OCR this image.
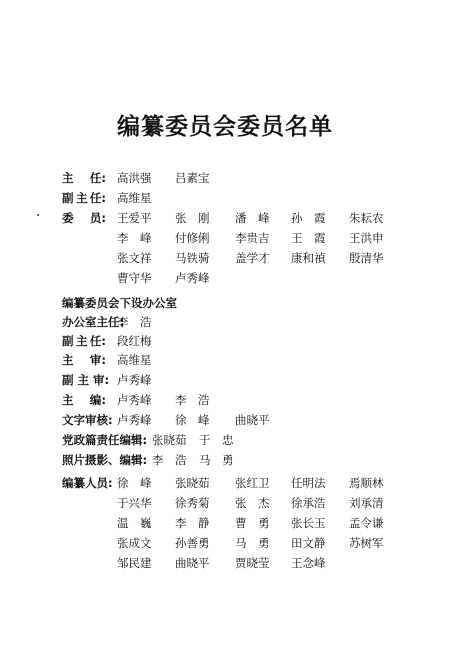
编纂委员会委员名单
主 任: 高洪强 吕素宝
副 主 任: 高维星
委 员: 王爱平 张　刚 潘　峰 孙　霞 朱耘农
李　峰 付修俐 李贵吉 王　霞 王洪申
张文祥 马铁骑 盖学才 康和禎 殷清华
曹守华 卢秀峰
编纂委员会下设办公室
办公室主任:
李　浩
副 主 任: 段红梅
主 审: 高维星
副 主 审: 卢秀峰
主 编: 卢秀峰 李　浩
文字审核: 卢秀峰 徐　峰 曲晓平
党政篇责任编辑: 张晓茹 于　忠
照片摄影、编辑: 李　浩 马　勇
编纂人员: 徐　峰 张晓茹 张红卫 任明法 焉顺林
于兴华 徐秀菊 张　杰 徐承浩 刘承清
温　巍 李　静 曹　勇 张长玉 孟令谦
张成文 孙善勇 马　勇 田文静 苏树军
邹民建 曲晓平 贾晓莹 王念峰
